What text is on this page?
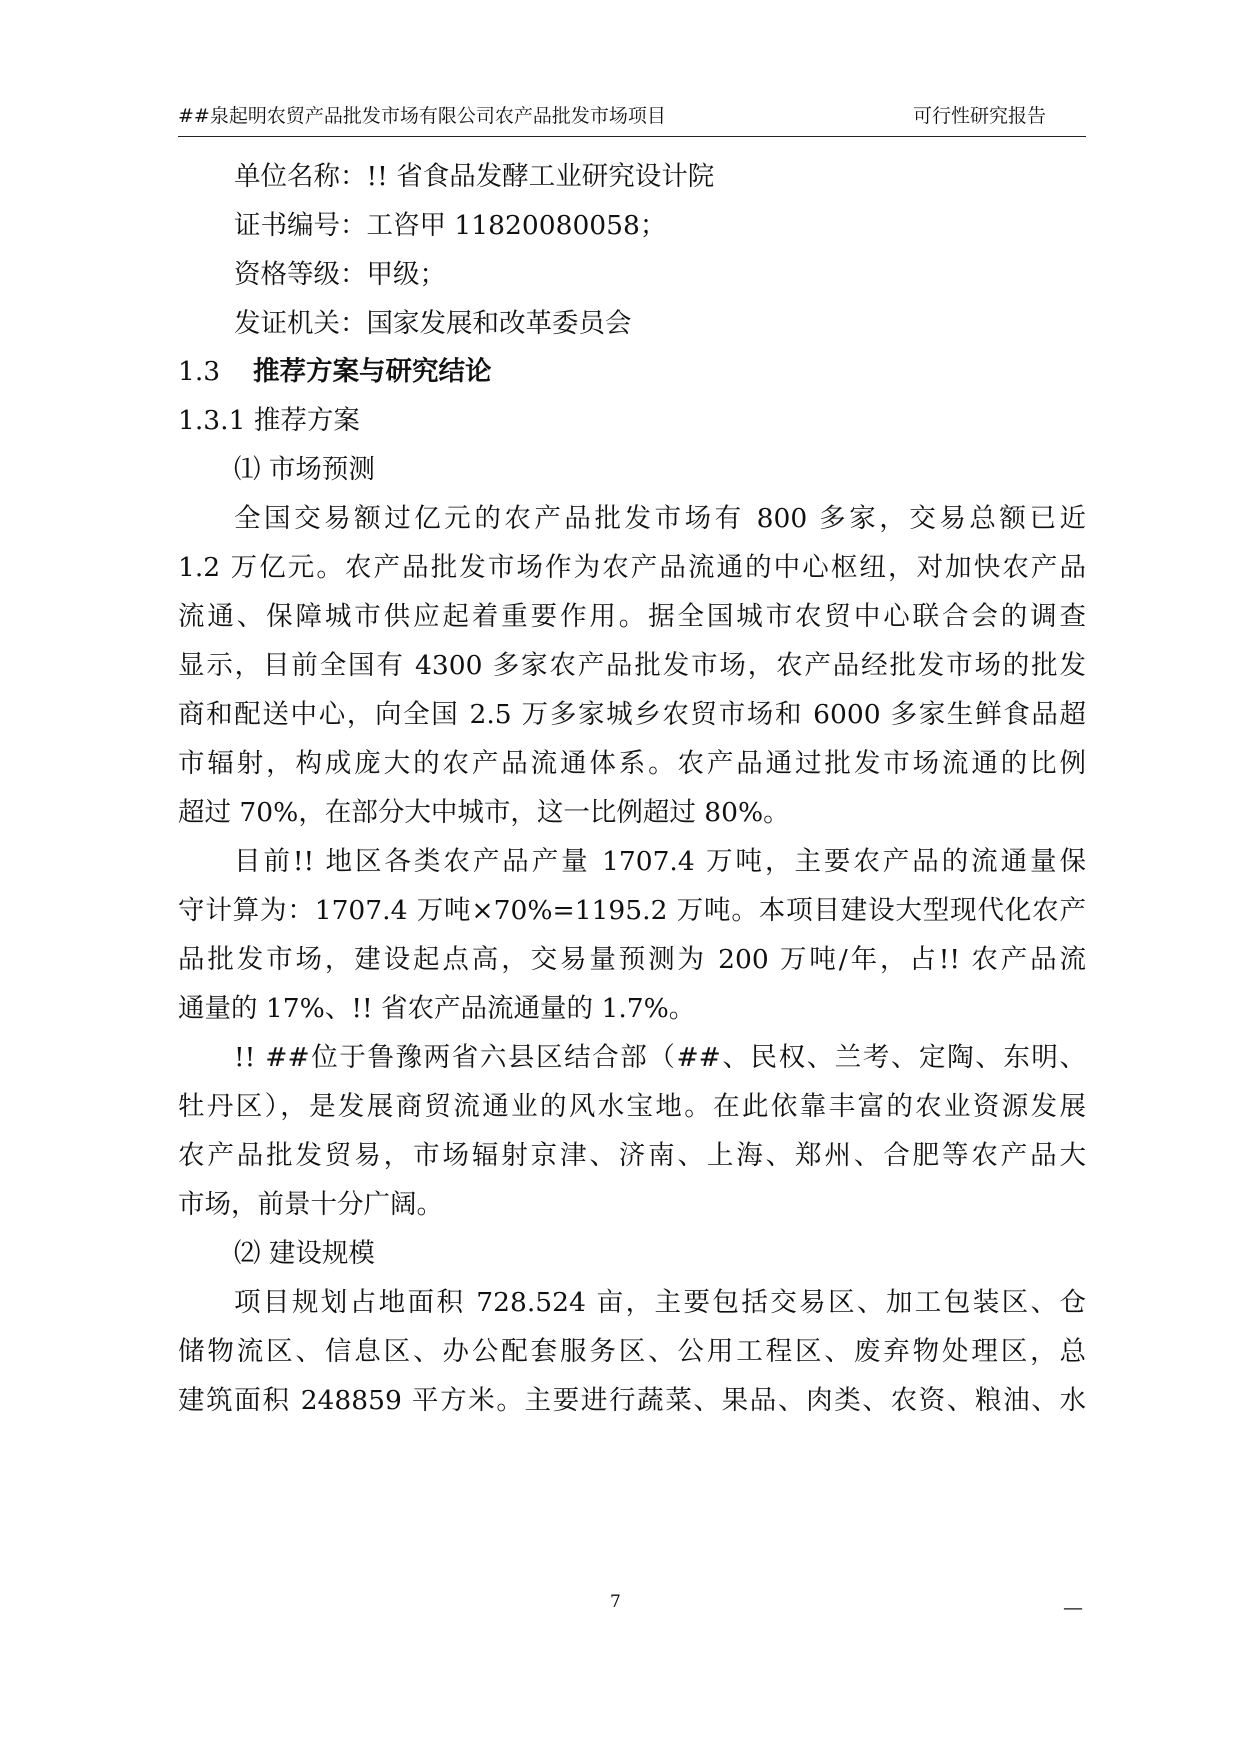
##泉起明农贸产品批发市场有限公司农产品批发市场项目	可行性研究报告
单位名称：!! 省食品发酵工业研究设计院
证书编号：工咨甲 11820080058；
资格等级：甲级；
发证机关：国家发展和改革委员会
1.3 推荐方案与研究结论
1.3.1 推荐方案
⑴ 市场预测
全国交易额过亿元的农产品批发市场有 800 多家，交易总额已近
1.2 万亿元。农产品批发市场作为农产品流通的中心枢纽，对加快农产品
流通、保障城市供应起着重要作用。据全国城市农贸中心联合会的调查
显示，目前全国有 4300 多家农产品批发市场，农产品经批发市场的批发
商和配送中心，向全国 2.5 万多家城乡农贸市场和 6000 多家生鲜食品超
市辐射，构成庞大的农产品流通体系。农产品通过批发市场流通的比例
超过 70%，在部分大中城市，这一比例超过 80%。
目前!! 地区各类农产品产量 1707.4 万吨，主要农产品的流通量保
守计算为：1707.4 万吨×70%=1195.2 万吨。本项目建设大型现代化农产
品批发市场，建设起点高，交易量预测为 200 万吨/年，占!! 农产品流
通量的 17%、!! 省农产品流通量的 1.7%。
!! ##位于鲁豫两省六县区结合部（##、民权、兰考、定陶、东明、
牡丹区），是发展商贸流通业的风水宝地。在此依靠丰富的农业资源发展
农产品批发贸易，市场辐射京津、济南、上海、郑州、合肥等农产品大
市场，前景十分广阔。
⑵ 建设规模
项目规划占地面积 728.524 亩，主要包括交易区、加工包装区、仓
储物流区、信息区、办公配套服务区、公用工程区、废弃物处理区，总
建筑面积 248859 平方米。主要进行蔬菜、果品、肉类、农资、粮油、水
7	—
